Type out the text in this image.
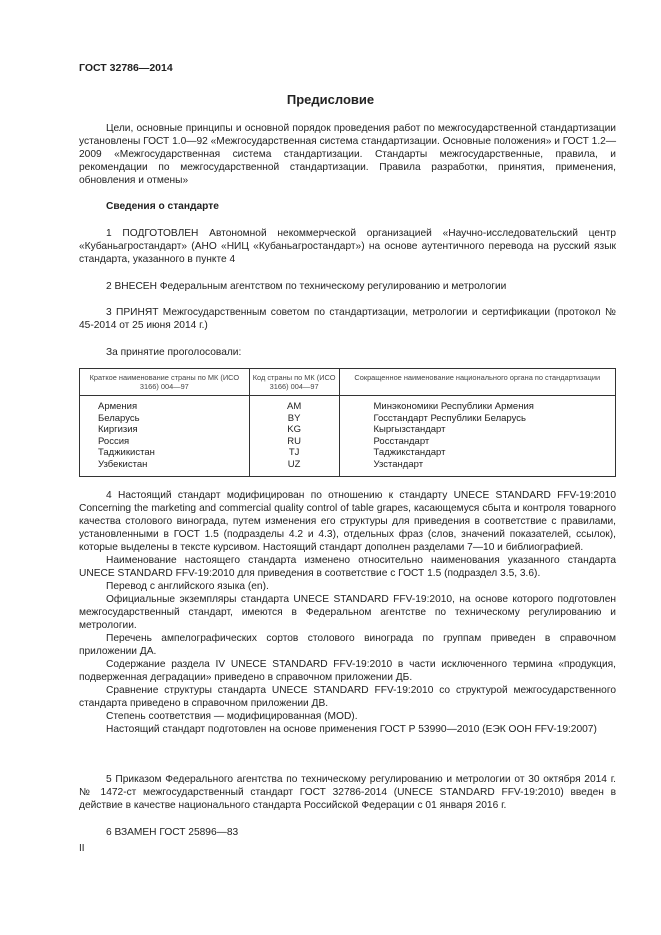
ГОСТ 32786—2014
Предисловие

Цели, основные принципы и основной порядок проведения работ по межгосударственной стандартизации установлены ГОСТ 1.0—92 «Межгосударственная система стандартизации. Основные положения» и ГОСТ 1.2—2009 «Межгосударственная система стандартизации. Стандарты межгосударственные, правила, и рекомендации по межгосударственной стандартизации. Правила разработки, принятия, применения, обновления и отмены»

Сведения о стандарте

1 ПОДГОТОВЛЕН Автономной некоммерческой организацией «Научно-исследовательский центр «Кубаньагростандарт» (АНО «НИЦ «Кубаньагростандарт») на основе аутентичного перевода на русский язык стандарта, указанного в пункте 4

2 ВНЕСЕН Федеральным агентством по техническому регулированию и метрологии

3 ПРИНЯТ Межгосударственным советом по стандартизации, метрологии и сертификации (протокол № 45-2014 от 25 июня 2014 г.)

За принятие проголосовали:

Краткое наименование страны по МК (ИСО 3166) 004—97	Код страны по МК (ИСО 3166) 004—97	Сокращенное наименование национального органа по стандартизации
Армения	AM	Минэкономики Республики Армения
Беларусь	BY	Госстандарт Республики Беларусь
Киргизия	KG	Кыргызстандарт
Россия	RU	Росстандарт
Таджикистан	TJ	Таджикстандарт
Узбекистан	UZ	Узстандарт

4 Настоящий стандарт модифицирован по отношению к стандарту UNECE STANDARD FFV-19:2010 Concerning the marketing and commercial quality control of table grapes, касающемуся сбыта и контроля товарного качества столового винограда, путем изменения его структуры для приведения в соответствие с правилами, установленными в ГОСТ 1.5 (подразделы 4.2 и 4.3), отдельных фраз (слов, значений показателей, ссылок), которые выделены в тексте курсивом. Настоящий стандарт дополнен разделами 7—10 и библиографией.

Наименование настоящего стандарта изменено относительно наименования указанного стандарта UNECE STANDARD FFV-19:2010 для приведения в соответствие с ГОСТ 1.5 (подраздел 3.5, 3.6).

Перевод с английского языка (en).

Официальные экземпляры стандарта UNECE STANDARD FFV-19:2010, на основе которого подготовлен межгосударственный стандарт, имеются в Федеральном агентстве по техническому регулированию и метрологии.

Перечень ампелографических сортов столового винограда по группам приведен в справочном приложении ДА.

Содержание раздела IV UNECE STANDARD FFV-19:2010 в части исключенного термина «продукция, подверженная деградации» приведено в справочном приложении ДБ.

Сравнение структуры стандарта UNECE STANDARD FFV-19:2010 со структурой межгосударственного стандарта приведено в справочном приложении ДВ.

Степень соответствия — модифицированная (MOD).

Настоящий стандарт подготовлен на основе применения ГОСТ Р 53990—2010 (ЕЭК ООН FFV-19:2007)

5 Приказом Федерального агентства по техническому регулированию и метрологии от 30 октября 2014 г. № 1472-ст межгосударственный стандарт ГОСТ 32786-2014 (UNECE STANDARD FFV-19:2010) введен в действие в качестве национального стандарта Российской Федерации с 01 января 2016 г.

6 ВЗАМЕН ГОСТ 25896—83

II
